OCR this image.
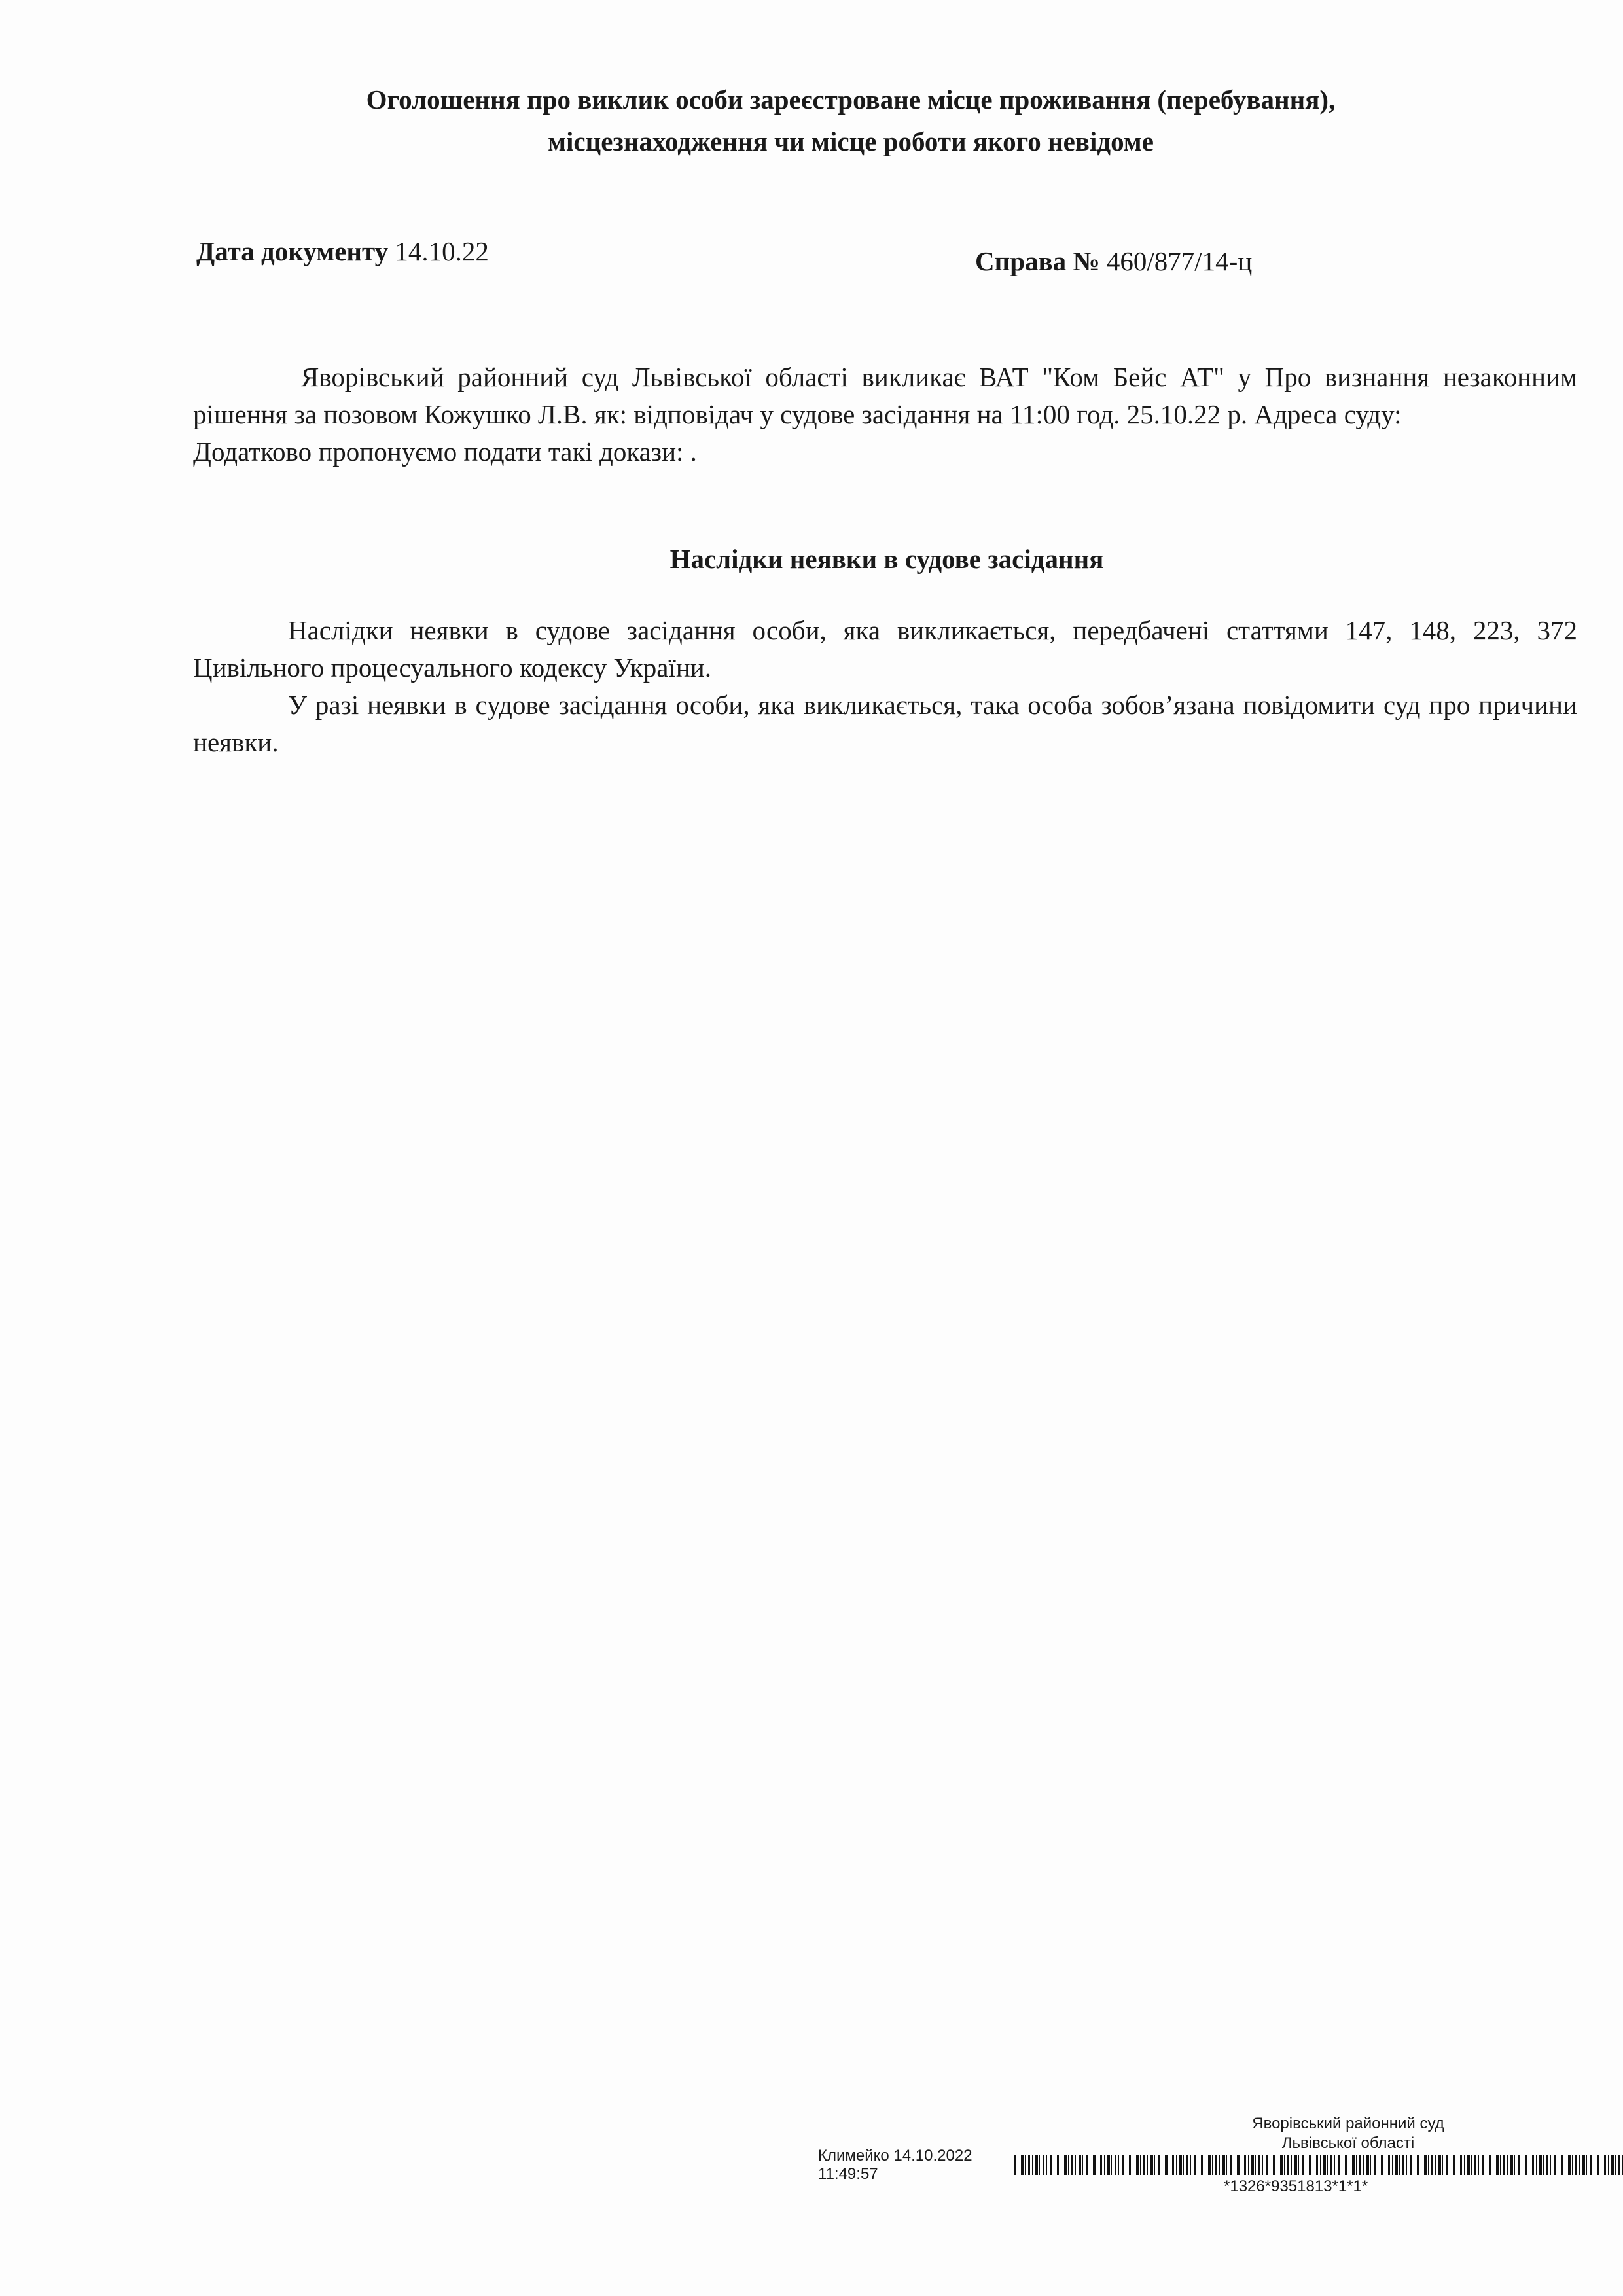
Оголошення про виклик особи зареєстроване місце проживання (перебування),
місцезнаходження чи місце роботи якого невідоме
Дата документу 14.10.22	Справа № 460/877/14-ц

Яворівський районний суд Львівської області викликає ВАТ "Ком Бейс АТ" у Про визнання незаконним рішення за позовом Кожушко Л.В. як: відповідач у судове засідання на 11:00 год. 25.10.22 р. Адреса суду:

Додатково пропонуємо подати такі докази: .

Наслідки неявки в судове засідання

Наслідки неявки в судове засідання особи, яка викликається, передбачені статтями 147, 148, 223, 372 Цивільного процесуального кодексу України.

У разі неявки в судове засідання особи, яка викликається, така особа зобов’язана повідомити суд про причини неявки.

Яворівський районний суд
Львівської області
Климейко 14.10.2022 11:49:57
*1326*9351813*1*1*
